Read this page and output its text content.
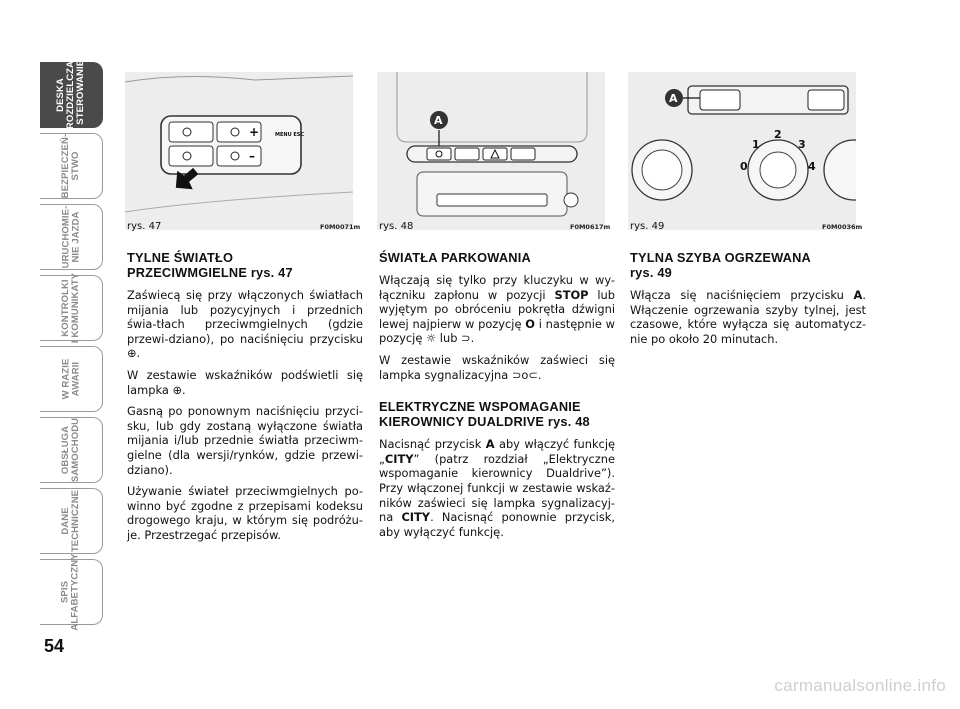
DESKA
ROZDZIELCZA
I STEROWANIE
BEZPIECZEŃ-
STWO
URUCHOMIE-
NIE JAZDA
KONTROLKI
I KOMUNIKATY
W RAZIE
AWARII
OBSŁUGA
SAMOCHODU
DANE
TECHNICZNE
SPIS
ALFABETYCZNY
54
+
–
MENU ESC
rys. 47	F0M0071m
A
rys. 48	F0M0617m
A
0
1
2
3
4
rys. 49	F0M0036m
TYLNE ŚWIATŁO
PRZECIWMGIELNE rys. 47

Zaświecą się przy włączonych światłach mijania lub pozycyjnych i przednich świa-tłach przeciwmgielnych (gdzie przewi-dziano), po naciśnięciu przycisku ⊕.

W zestawie wskaźników podświetli się lampka ⊕.

Gasną po ponownym naciśnięciu przyci-sku, lub gdy zostaną wyłączone światła mijania i/lub przednie światła przeciwm-gielne (dla wersji/rynków, gdzie przewi-dziano).

Używanie świateł przeciwmgielnych po-winno być zgodne z przepisami kodeksu drogowego kraju, w którym się podróżu-je. Przestrzegać przepisów.

ŚWIATŁA PARKOWANIA

Włączają się tylko przy kluczyku w wy-łączniku zapłonu w pozycji STOP lub wyjętym po obróceniu pokrętła dźwigni lewej najpierw w pozycję O i następnie w pozycję ☼ lub ⊃.

W zestawie wskaźników zaświeci się lampka sygnalizacyjna ⊃o⊂.

ELEKTRYCZNE WSPOMAGANIE
KIEROWNICY DUALDRIVE rys. 48

Nacisnąć przycisk A aby włączyć funkcję „CITY” (patrz rozdział „Elektryczne wspomaganie kierownicy Dualdrive”). Przy włączonej funkcji w zestawie wskaź-ników zaświeci się lampka sygnalizacyj-na CITY. Nacisnąć ponownie przycisk, aby wyłączyć funkcję.

TYLNA SZYBA OGRZEWANA
rys. 49

Włącza się naciśnięciem przycisku A. Włączenie ogrzewania szyby tylnej, jest czasowe, które wyłącza się automatycz-nie po około 20 minutach.

carmanualsonline.info
